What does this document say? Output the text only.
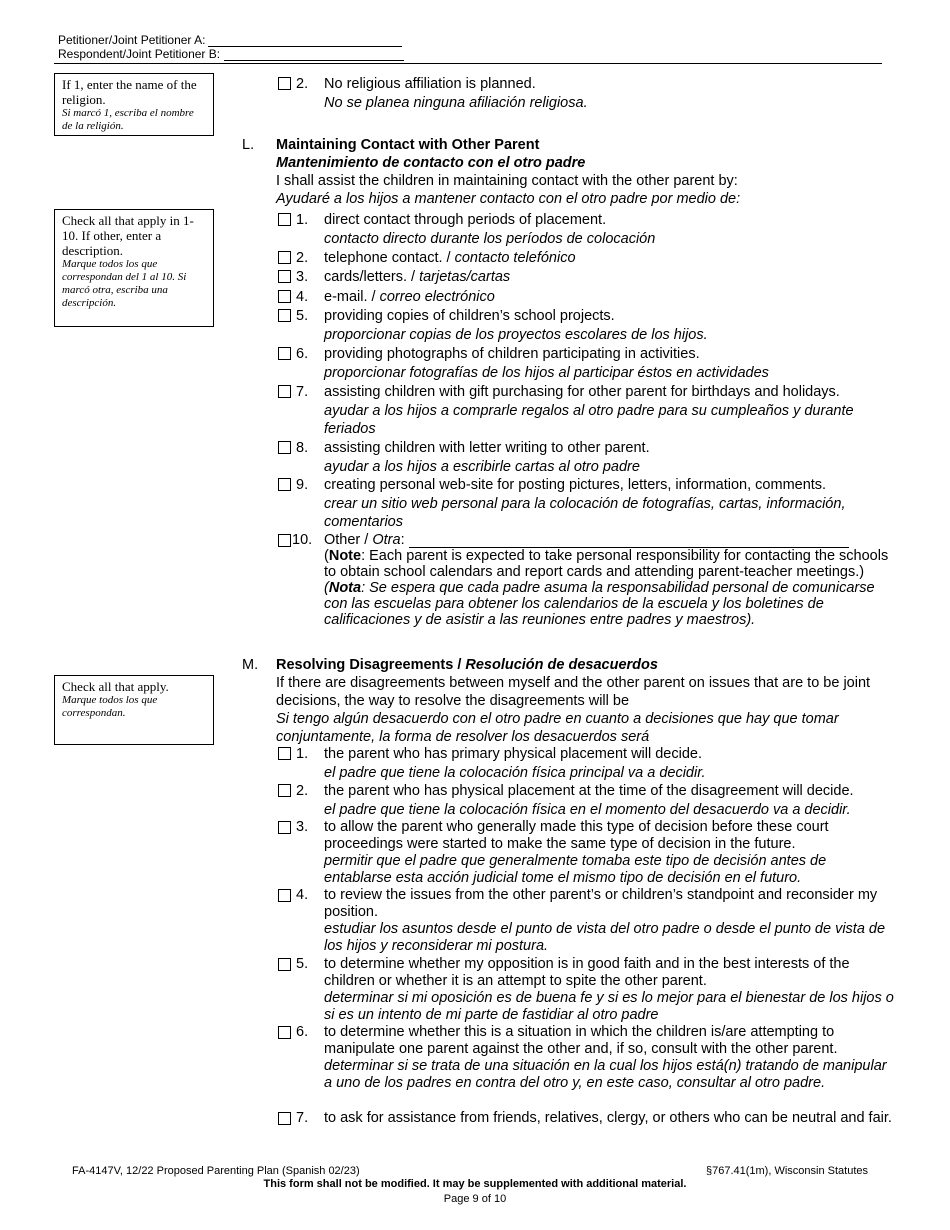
Petitioner/Joint Petitioner A:
Respondent/Joint Petitioner B:
If 1, enter the name of the religion.
Si marcó 1, escriba el nombre de la religión.
Check all that apply in 1-10. If other, enter a description.
Marque todos los que correspondan del 1 al 10. Si marcó otra, escriba una descripción.
Check all that apply.
Marque todos los que correspondan.
2. No religious affiliation is planned.
No se planea ninguna afiliación religiosa.
L.	Maintaining Contact with Other Parent
Mantenimiento de contacto con el otro padre
I shall assist the children in maintaining contact with the other parent by:
Ayudaré a los hijos a mantener contacto con el otro padre por medio de:
1. direct contact through periods of placement.
contacto directo durante los períodos de colocación
2. telephone contact. / contacto telefónico
3. cards/letters. / tarjetas/cartas
4. e-mail. / correo electrónico
5. providing copies of children’s school projects.
proporcionar copias de los proyectos escolares de los hijos.
6. providing photographs of children participating in activities.
proporcionar fotografías de los hijos al participar éstos en actividades
7. assisting children with gift purchasing for other parent for birthdays and holidays.
ayudar a los hijos a comprarle regalos al otro padre para su cumpleaños y durante feriados
8. assisting children with letter writing to other parent.
ayudar a los hijos a escribirle cartas al otro padre
9. creating personal web-site for posting pictures, letters, information, comments.
crear un sitio web personal para la colocación de fotografías, cartas, información, comentarios
10. Other / Otra:
(Note: Each parent is expected to take personal responsibility for contacting the schools to obtain school calendars and report cards and attending parent-teacher meetings.)
(Nota: Se espera que cada padre asuma la responsabilidad personal de comunicarse con las escuelas para obtener los calendarios de la escuela y los boletines de calificaciones y de asistir a las reuniones entre padres y maestros).
M.	Resolving Disagreements / Resolución de desacuerdos
If there are disagreements between myself and the other parent on issues that are to be joint decisions, the way to resolve the disagreements will be
Si tengo algún desacuerdo con el otro padre en cuanto a decisiones que hay que tomar conjuntamente, la forma de resolver los desacuerdos será
1. the parent who has primary physical placement will decide.
el padre que tiene la colocación física principal va a decidir.
2. the parent who has physical placement at the time of the disagreement will decide.
el padre que tiene la colocación física en el momento del desacuerdo va a decidir.
3. to allow the parent who generally made this type of decision before these court proceedings were started to make the same type of decision in the future.
permitir que el padre que generalmente tomaba este tipo de decisión antes de entablarse esta acción judicial tome el mismo tipo de decisión en el futuro.
4. to review the issues from the other parent’s or children’s standpoint and reconsider my position.
estudiar los asuntos desde el punto de vista del otro padre o desde el punto de vista de los hijos y reconsiderar mi postura.
5. to determine whether my opposition is in good faith and in the best interests of the children or whether it is an attempt to spite the other parent.
determinar si mi oposición es de buena fe y si es lo mejor para el bienestar de los hijos o si es un intento de mi parte de fastidiar al otro padre
6. to determine whether this is a situation in which the children is/are attempting to manipulate one parent against the other and, if so, consult with the other parent.
determinar si se trata de una situación en la cual los hijos está(n) tratando de manipular a uno de los padres en contra del otro y, en este caso, consultar al otro padre.
7. to ask for assistance from friends, relatives, clergy, or others who can be neutral and fair.
FA-4147V, 12/22 Proposed Parenting Plan (Spanish 02/23)	§767.41(1m), Wisconsin Statutes
This form shall not be modified. It may be supplemented with additional material.
Page 9 of 10
